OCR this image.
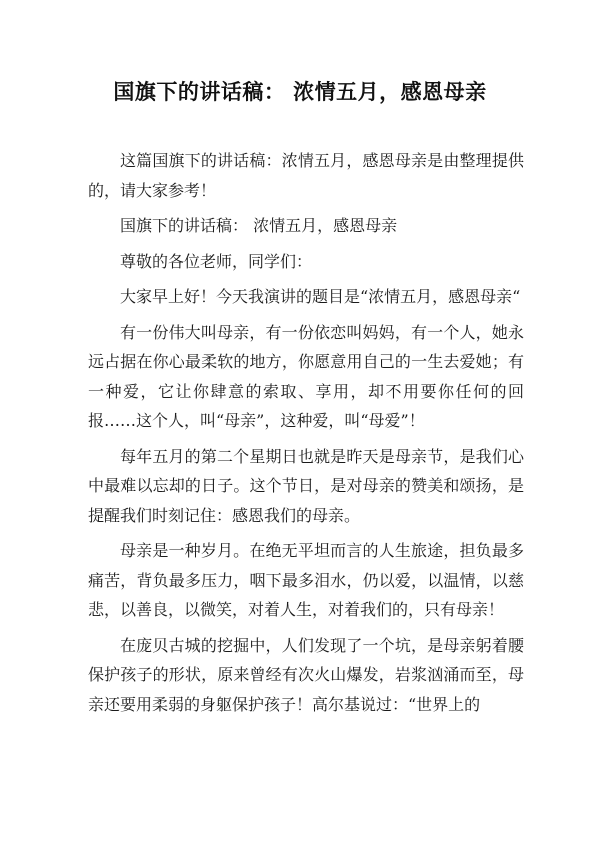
国旗下的讲话稿： 浓情五月，感恩母亲

这篇国旗下的讲话稿：浓情五月，感恩母亲是由整理提供的，请大家参考！

国旗下的讲话稿： 浓情五月，感恩母亲

尊敬的各位老师，同学们：

大家早上好！今天我演讲的题目是“浓情五月，感恩母亲“

有一份伟大叫母亲，有一份依恋叫妈妈，有一个人，她永远占据在你心最柔软的地方，你愿意用自己的一生去爱她；有一种爱，它让你肆意的索取、享用，却不用要你任何的回报……这个人，叫“母亲”，这种爱，叫“母爱”！

每年五月的第二个星期日也就是昨天是母亲节，是我们心中最难以忘却的日子。这个节日，是对母亲的赞美和颂扬，是提醒我们时刻记住：感恩我们的母亲。

母亲是一种岁月。在绝无平坦而言的人生旅途，担负最多痛苦，背负最多压力，咽下最多泪水，仍以爱，以温情，以慈悲，以善良，以微笑，对着人生，对着我们的，只有母亲！

在庞贝古城的挖掘中，人们发现了一个坑，是母亲躬着腰保护孩子的形状，原来曾经有次火山爆发，岩浆汹涌而至，母亲还要用柔弱的身躯保护孩子！高尔基说过：“世界上的
